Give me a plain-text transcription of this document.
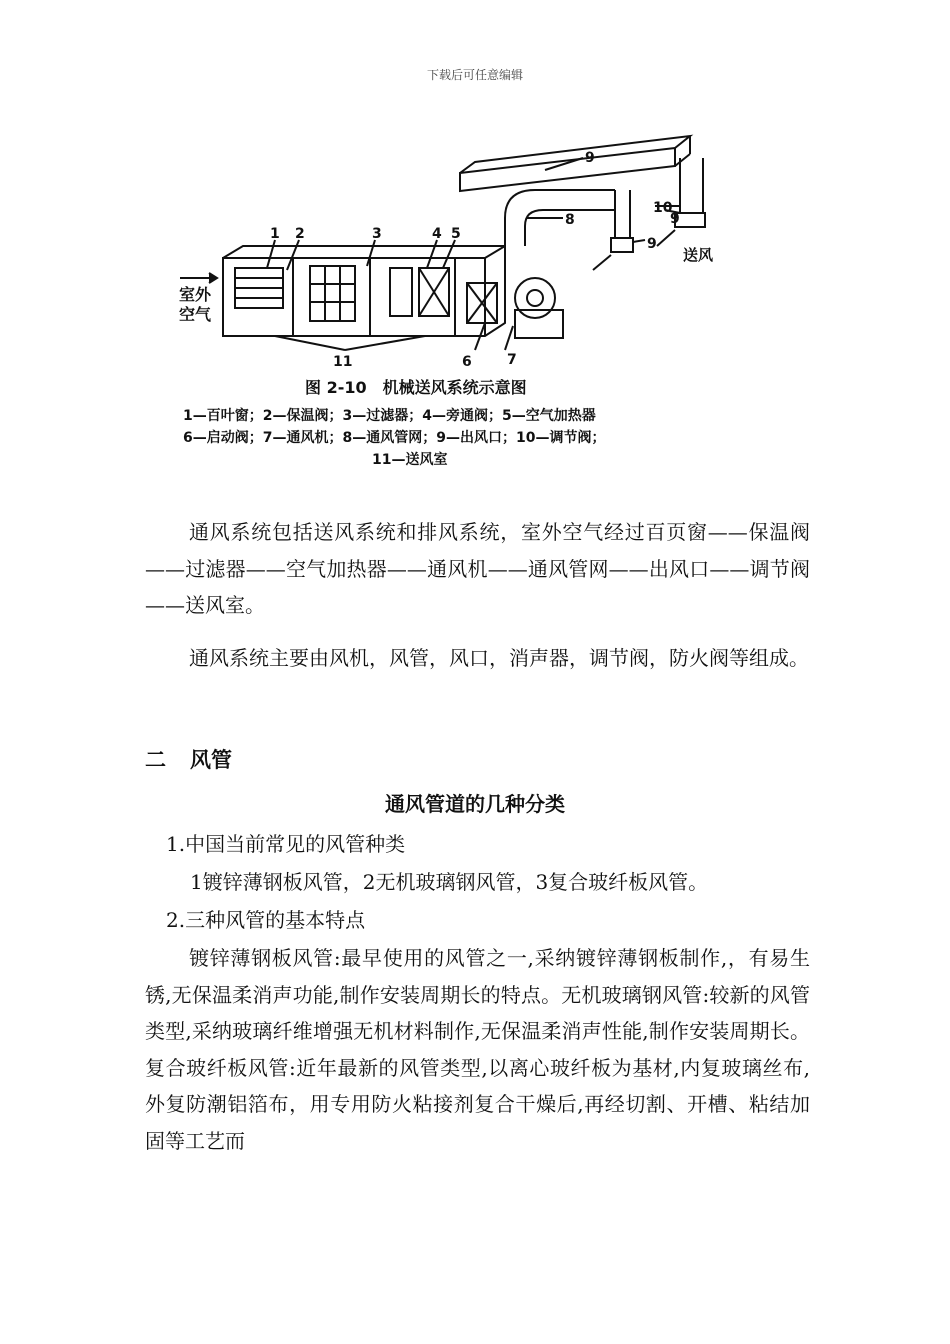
下载后可任意编辑
室外
空气
送风
1 2	3	4 5
6	7
8
9
9
9
10
11
图 2-10　机械送风系统示意图
1—百叶窗；2—保温阀；3—过滤器；4—旁通阀；5—空气加热器
6—启动阀；7—通风机；8—通风管网；9—出风口；10—调节阀；
11—送风室

通风系统包括送风系统和排风系统，室外空气经过百页窗——保温阀——过滤器——空气加热器——通风机——通风管网——出风口——调节阀——送风室。

通风系统主要由风机，风管，风口，消声器，调节阀，防火阀等组成。

二 风管
通风管道的几种分类

1.中国当前常见的风管种类

1镀锌薄钢板风管，2无机玻璃钢风管，3复合玻纤板风管。

2.三种风管的基本特点

镀锌薄钢板风管:最早使用的风管之一,采纳镀锌薄钢板制作,，有易生锈,无保温柔消声功能,制作安装周期长的特点。无机玻璃钢风管:较新的风管类型,采纳玻璃纤维增强无机材料制作,无保温柔消声性能,制作安装周期长。复合玻纤板风管:近年最新的风管类型,以离心玻纤板为基材,内复玻璃丝布,外复防潮铝箔布，用专用防火粘接剂复合干燥后,再经切割、开槽、粘结加固等工艺而
